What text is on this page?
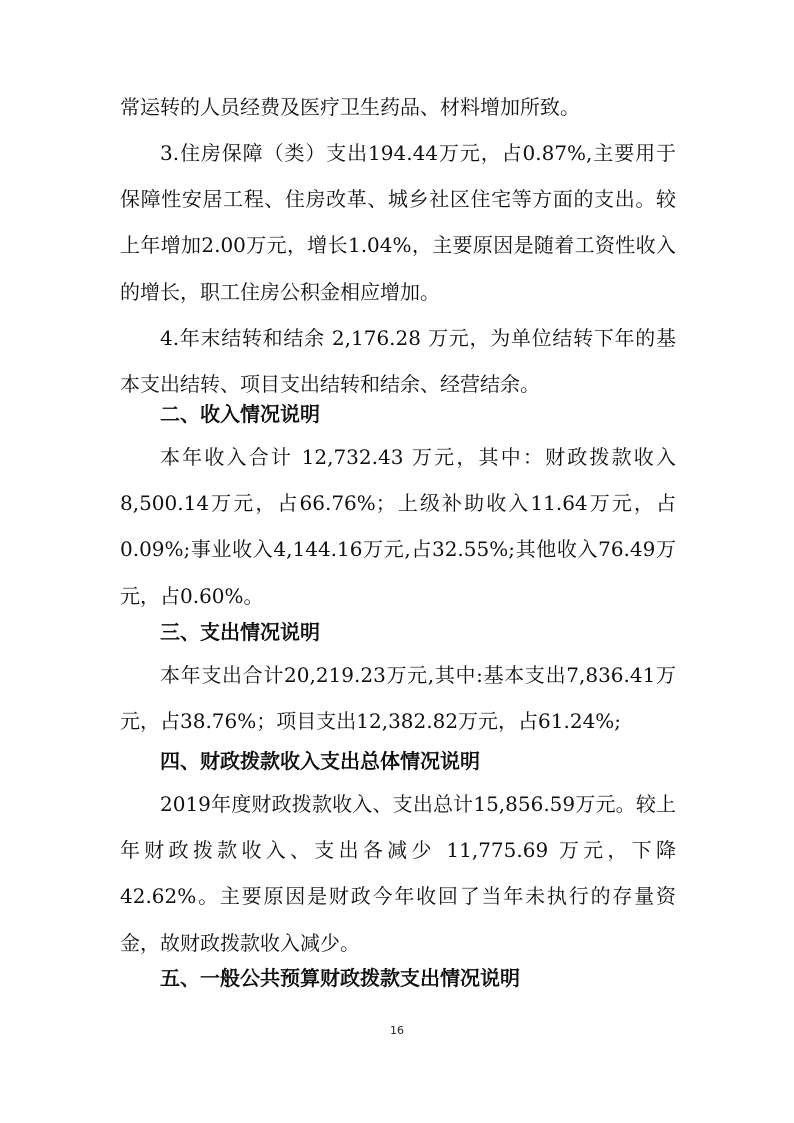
常运转的人员经费及医疗卫生药品、材料增加所致。

3.住房保障（类）支出194.44万元，占0.87%,主要用于保障性安居工程、住房改革、城乡社区住宅等方面的支出。较上年增加2.00万元，增长1.04%，主要原因是随着工资性收入的增长，职工住房公积金相应增加。

4.年末结转和结余 2,176.28 万元，为单位结转下年的基本支出结转、项目支出结转和结余、经营结余。

二、收入情况说明

本年收入合计 12,732.43 万元，其中：财政拨款收入8,500.14万元，占66.76%；上级补助收入11.64万元，占0.09%;事业收入4,144.16万元,占32.55%;其他收入76.49万元，占0.60%。

三、支出情况说明

本年支出合计20,219.23万元,其中:基本支出7,836.41万元，占38.76%；项目支出12,382.82万元，占61.24%;

四、财政拨款收入支出总体情况说明

2019年度财政拨款收入、支出总计15,856.59万元。较上年财政拨款收入、支出各减少 11,775.69 万元，下降42.62%。主要原因是财政今年收回了当年未执行的存量资金，故财政拨款收入减少。

五、一般公共预算财政拨款支出情况说明
16
